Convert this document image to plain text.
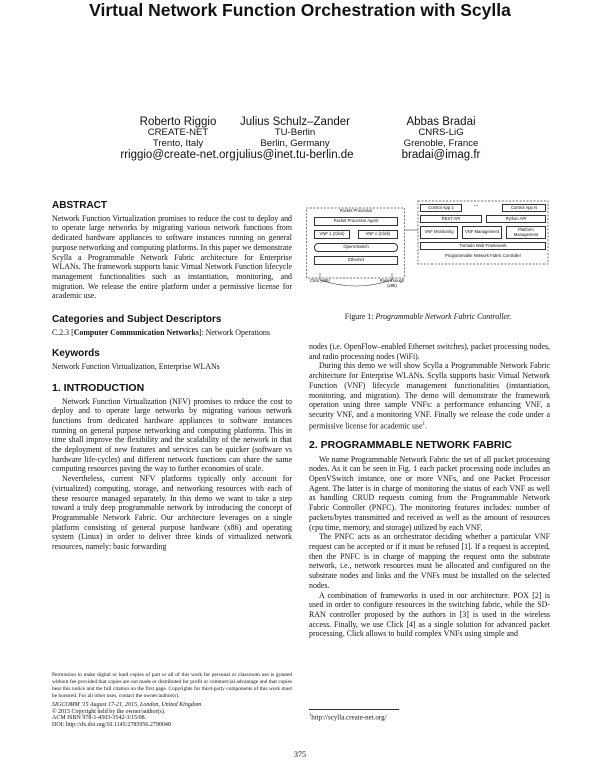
Virtual Network Function Orchestration with Scylla
Roberto Riggio
CREATE-NET
Trento, Italy
rriggio@create-net.org
Julius Schulz–Zander
TU-Berlin
Berlin, Germany
julius@inet.tu-berlin.de
Abbas Bradai
CNRS-LiG
Grenoble, France
bradai@imag.fr
ABSTRACT

Network Function Virtualization promises to reduce the cost to deploy and to operate large networks by migrating various network functions from dedicated hardware appliances to software instances running on general purpose networking and computing platforms. In this paper we demonstrate Scylla a Programmable Network Fabric architecture for Enterprise WLANs. The framework supports basic Virtual Network Function lifecycle management functionalities such as instantiation, monitoring, and migration. We release the entire platform under a permissive license for academic use.

Categories and Subject Descriptors

C.2.3 [Computer Communication Networks]: Network Operations

Keywords

Network Function Virtualization, Enterprise WLANs

1. INTRODUCTION

Network Function Virtualization (NFV) promises to reduce the cost to deploy and to operate large networks by migrating various network functions from dedicated hardware appliances to software instances running on general purpose networking and computing platforms. This in time shall improve the flexibility and the scalability of the network in that the deployment of new features and services can be quicker (software vs hardware life-cycles) and different network functions can share the same computing resources paving the way to further economies of scale.

Nevertheless, current NFV platforms typically only account for (virtualized) computing, storage, and networking resources with each of these resource managed separately. In this demo we want to take a step toward a truly deep programmable network by introducing the concept of Programmable Network Fabric. Our architecture leverages on a single platform consisting of general purpose hardware (x86) and operating system (Linux) in order to deliver three kinds of virtualized network resources, namely: basic forwarding

Permission to make digital or hard copies of part or all of this work for personal or classroom use is granted without fee provided that copies are not made or distributed for profit or commercial advantage and that copies bear this notice and the full citation on the first page. Copyrights for third-party components of this work must be honored. For all other uses, contact the owner/author(s).
SIGCOMM '15 August 17-21, 2015, London, United Kingdom
© 2015 Copyright held by the owner/author(s).
ACM ISBN 978-1-4503-3542-3/15/08.
DOI: http://dx.doi.org/10.1145/2785956.2790040
Packet Processor
Packet Processor Agent
VNF 1 (Click)	VNF n (Click)
OpenVSwitch
Ethernet
Click (x86)	Pass through (x86)
Control App 1	...	Control App N
REST API	Python API
VNF Monitoring	VNF Management	Platform Management
Tornado Web Framework
Programmable Network Fabric Controller
Figure 1: Programmable Network Fabric Controller.

nodes (i.e. OpenFlow–enabled Ethernet switches), packet processing nodes, and radio processing nodes (WiFi).

During this demo we will show Scylla a Programmable Network Fabric architecture for Enterprise WLANs. Scylla supports basic Virtual Network Function (VNF) lifecycle management functionalities (instantiation, monitoring, and migration). The demo will demonstrate the framework operation using three sample VNFs: a performance enhancing VNF, a security VNF, and a monitoring VNF. Finally we release the code under a permissive license for academic use$^1$.

2. PROGRAMMABLE NETWORK FABRIC

We name Programmable Network Fabric the set of all packet processing nodes. As it can be seen in Fig. 1 each packet processing node includes an OpenVSwitch instance, one or more VNFs, and one Packet Processor Agent. The latter is in charge of monitoring the status of each VNF as well as handling CRUD requests coming from the Programmable Network Fabric Controller (PNFC). The monitoring features includes: number of packets/bytes transmitted and received as well as the amount of resources (cpu time, memory, and storage) utilized by each VNF.

The PNFC acts as an orchestrator deciding whether a particular VNF request can be accepted or if it must be refused [1]. If a request is accepted, then the PNFC is in charge of mapping the request onto the substrate network, i.e., network resources must be allocated and configured on the substrate nodes and links and the VNFs must be installed on the selected nodes.

A combination of frameworks is used in our architecture. POX [2] is used in order to configure resources in the switching fabric, while the SD-RAN controller proposed by the authors in [3] is used in the wireless access. Finally, we use Click [4] as a single solution for advanced packet processing. Click allows to build complex VNFs using simple and

$^1$http://scylla.create-net.org/
375
